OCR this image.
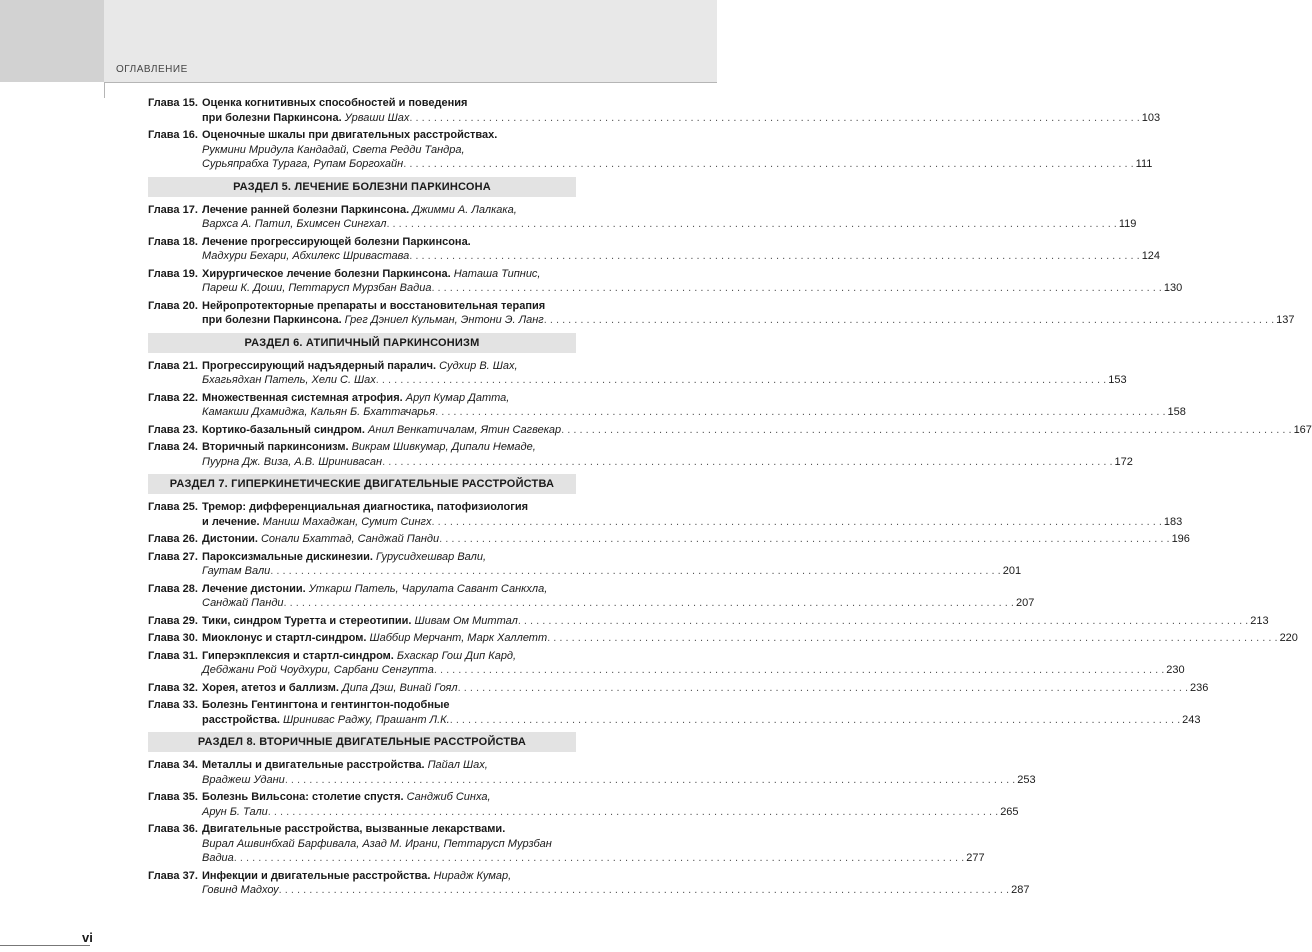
ОГЛАВЛЕНИЕ
Глава 15. Оценка когнитивных способностей и поведения
при болезни Паркинсона. Урваши Шах . . .	103
Глава 16. Оценочные шкалы при двигательных расстройствах.
Рукмини Мридула Кандадай, Света Редди Тандра,
Сурьяпрабха Турага, Рупам Боргохайн . . .	111
РАЗДЕЛ 5. ЛЕЧЕНИЕ БОЛЕЗНИ ПАРКИНСОНА
Глава 17. Лечение ранней болезни Паркинсона. Джимми А. Лалкака,
Вархса А. Патил, Бхимсен Сингхал . . .	119
Глава 18. Лечение прогрессирующей болезни Паркинсона.
Мадхури Бехари, Абхилекс Шривастава . . .	124
Глава 19. Хирургическое лечение болезни Паркинсона. Наташа Типнис,
Пареш К. Доши, Петтаруcп Мурзбан Вадиа . . .	130
Глава 20. Нейропротекторные препараты и восстановительная терапия
при болезни Паркинсона. Грег Дэниел Кульман, Энтони Э. Ланг . . .	137
РАЗДЕЛ 6. АТИПИЧНЫЙ ПАРКИНСОНИЗМ
Глава 21. Прогрессирующий надъядерный паралич. Судхир В. Шах,
Бхагьядхан Патель, Хели С. Шах . . .	153
Глава 22. Множественная системная атрофия. Аруп Кумар Датта,
Камакши Дхамиджа, Кальян Б. Бхаттачарья . . .	158
Глава 23. Кортико-базальный синдром. Анил Венкатичалам, Ятин Сагвекар . . .	167
Глава 24. Вторичный паркинсонизм. Викрам Шивкумар, Дипали Немаде,
Пуурна Дж. Виза, А.В. Шринивасан . . .	172
РАЗДЕЛ 7. ГИПЕРКИНЕТИЧЕСКИЕ ДВИГАТЕЛЬНЫЕ РАССТРОЙСТВА
Глава 25. Тремор: дифференциальная диагностика, патофизиология
и лечение. Маниш Махаджан, Сумит Сингх . . .	183
Глава 26. Дистонии. Сонали Бхаттад, Санджай Панди . . .	196
Глава 27. Пароксизмальные дискинезии. Гурусидхешвар Вали,
Гаутам Вали . . .	201
Глава 28. Лечение дистонии. Уткарш Патель, Чарулата Савант Санкхла,
Санджай Панди . . .	207
Глава 29. Тики, синдром Туретта и стереотипии. Шивам Ом Миттал . . .	213
Глава 30. Миоклонус и стартл-синдром. Шаббир Мерчант, Марк Халлетт . . .	220
Глава 31. Гиперэкплексия и стартл-синдром. Бхаскар Гош Дип Кард,
Дебджани Рой Чоудхури, Сарбани Сенгупта . . .	230
Глава 32. Хорея, атетоз и баллизм. Дипа Дэш, Винай Гоял . . .	236
Глава 33. Болезнь Гентингтона и гентингтон-подобные
расстройства. Шринивас Раджу, Прашант Л.К. . . .	243
РАЗДЕЛ 8. ВТОРИЧНЫЕ ДВИГАТЕЛЬНЫЕ РАССТРОЙСТВА
Глава 34. Металлы и двигательные расстройства. Пайал Шах,
Враджеш Удани . . .	253
Глава 35. Болезнь Вильсона: столетие спустя. Санджиб Синха,
Арун Б. Тали . . .	265
Глава 36. Двигательные расстройства, вызванные лекарствами.
Вирал Ашвинбхай Барфивала, Азад М. Ирани, Петтаруcп Мурзбан
Вадиа . . .	277
Глава 37. Инфекции и двигательные расстройства. Нирадж Кумар,
Говинд Мадхоу . . .	287
vi
